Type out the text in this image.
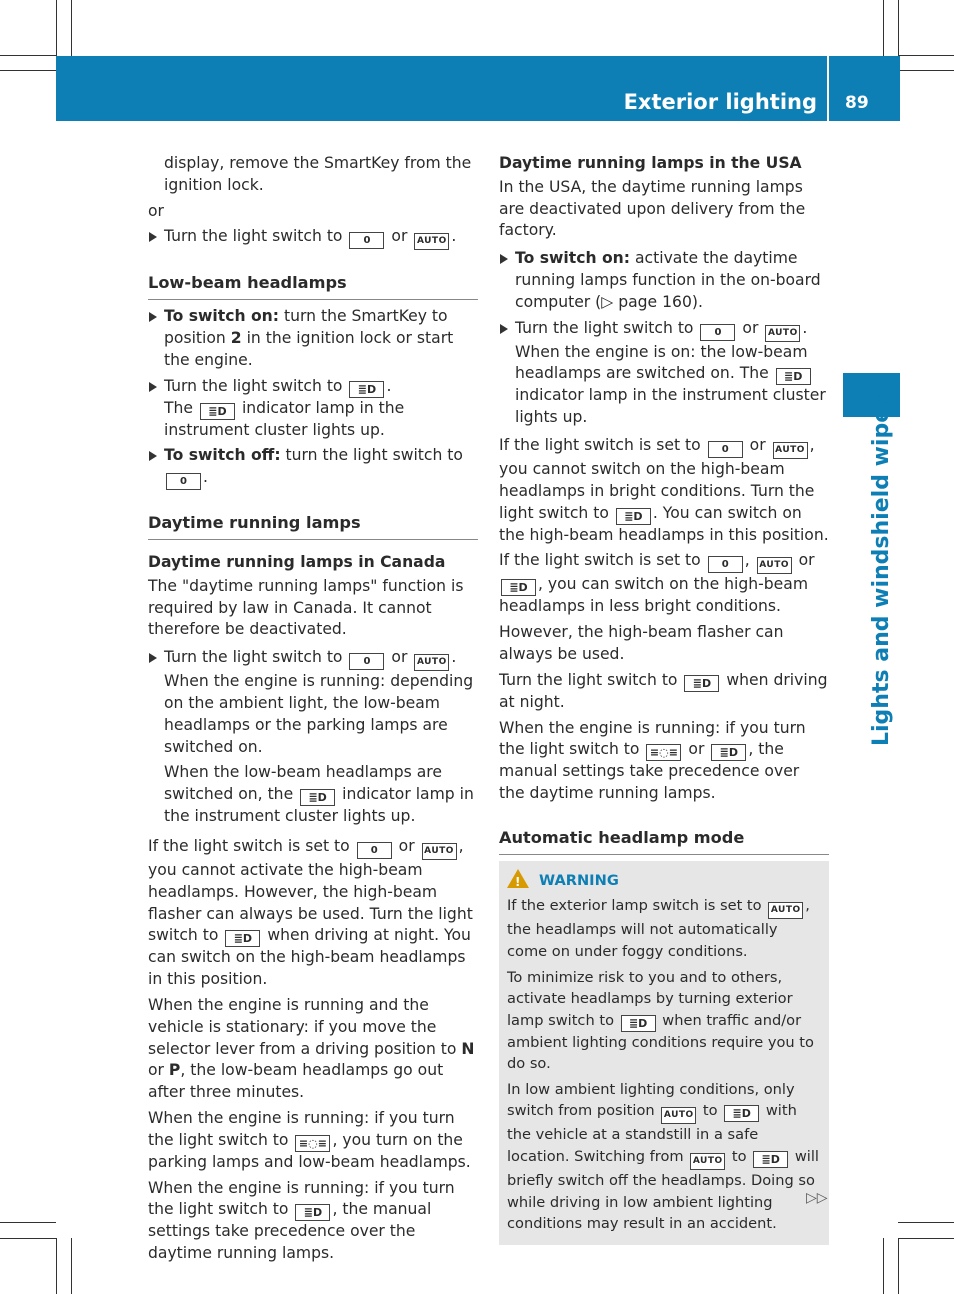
Exterior lighting 89
Lights and windshield wipers

display, remove the SmartKey from the ignition lock.

or

Turn the light switch to 0 or AUTO .

Low-beam headlamps

To switch on: turn the SmartKey to position 2 in the ignition lock or start the engine.

Turn the light switch to ≣D .

The ≣D indicator lamp in the instrument cluster lights up.

To switch off: turn the light switch to 0 .

Daytime running lamps
Daytime running lamps in Canada

The "daytime running lamps" function is required by law in Canada. It cannot therefore be deactivated.

Turn the light switch to 0 or AUTO .

When the engine is running: depending on the ambient light, the low-beam headlamps or the parking lamps are switched on.

When the low-beam headlamps are switched on, the ≣D indicator lamp in the instrument cluster lights up.

If the light switch is set to 0 or AUTO , you cannot activate the high-beam headlamps. However, the high-beam flasher can always be used. Turn the light switch to ≣D when driving at night. You can switch on the high-beam headlamps in this position.

When the engine is running and the vehicle is stationary: if you move the selector lever from a driving position to N or P, the low-beam headlamps go out after three minutes.

When the engine is running: if you turn the light switch to ≡◌≡ , you turn on the parking lamps and low-beam headlamps.

When the engine is running: if you turn the light switch to ≣D , the manual settings take precedence over the daytime running lamps.

Daytime running lamps in the USA

In the USA, the daytime running lamps are deactivated upon delivery from the factory.

To switch on: activate the daytime running lamps function in the on-board computer (▷ page 160).

Turn the light switch to 0 or AUTO .

When the engine is on: the low-beam headlamps are switched on. The ≣D indicator lamp in the instrument cluster lights up.

If the light switch is set to 0 or AUTO , you cannot switch on the high-beam headlamps in bright conditions. Turn the light switch to ≣D . You can switch on the high-beam headlamps in this position.

If the light switch is set to 0 , AUTO or ≣D , you can switch on the high-beam headlamps in less bright conditions.

However, the high-beam flasher can always be used.

Turn the light switch to ≣D when driving at night.

When the engine is running: if you turn the light switch to ≡◌≡ or ≣D , the manual settings take precedence over the daytime running lamps.

Automatic headlamp mode
!WARNING

If the exterior lamp switch is set to AUTO , the headlamps will not automatically come on under foggy conditions.

To minimize risk to you and to others, activate headlamps by turning exterior lamp switch to ≣D when traffic and/or ambient lighting conditions require you to do so.

In low ambient lighting conditions, only switch from position AUTO to ≣D with the vehicle at a standstill in a safe location. Switching from AUTO to ≣D will briefly switch off the headlamps. Doing so while driving in low ambient lighting conditions may result in an accident.

▷▷
